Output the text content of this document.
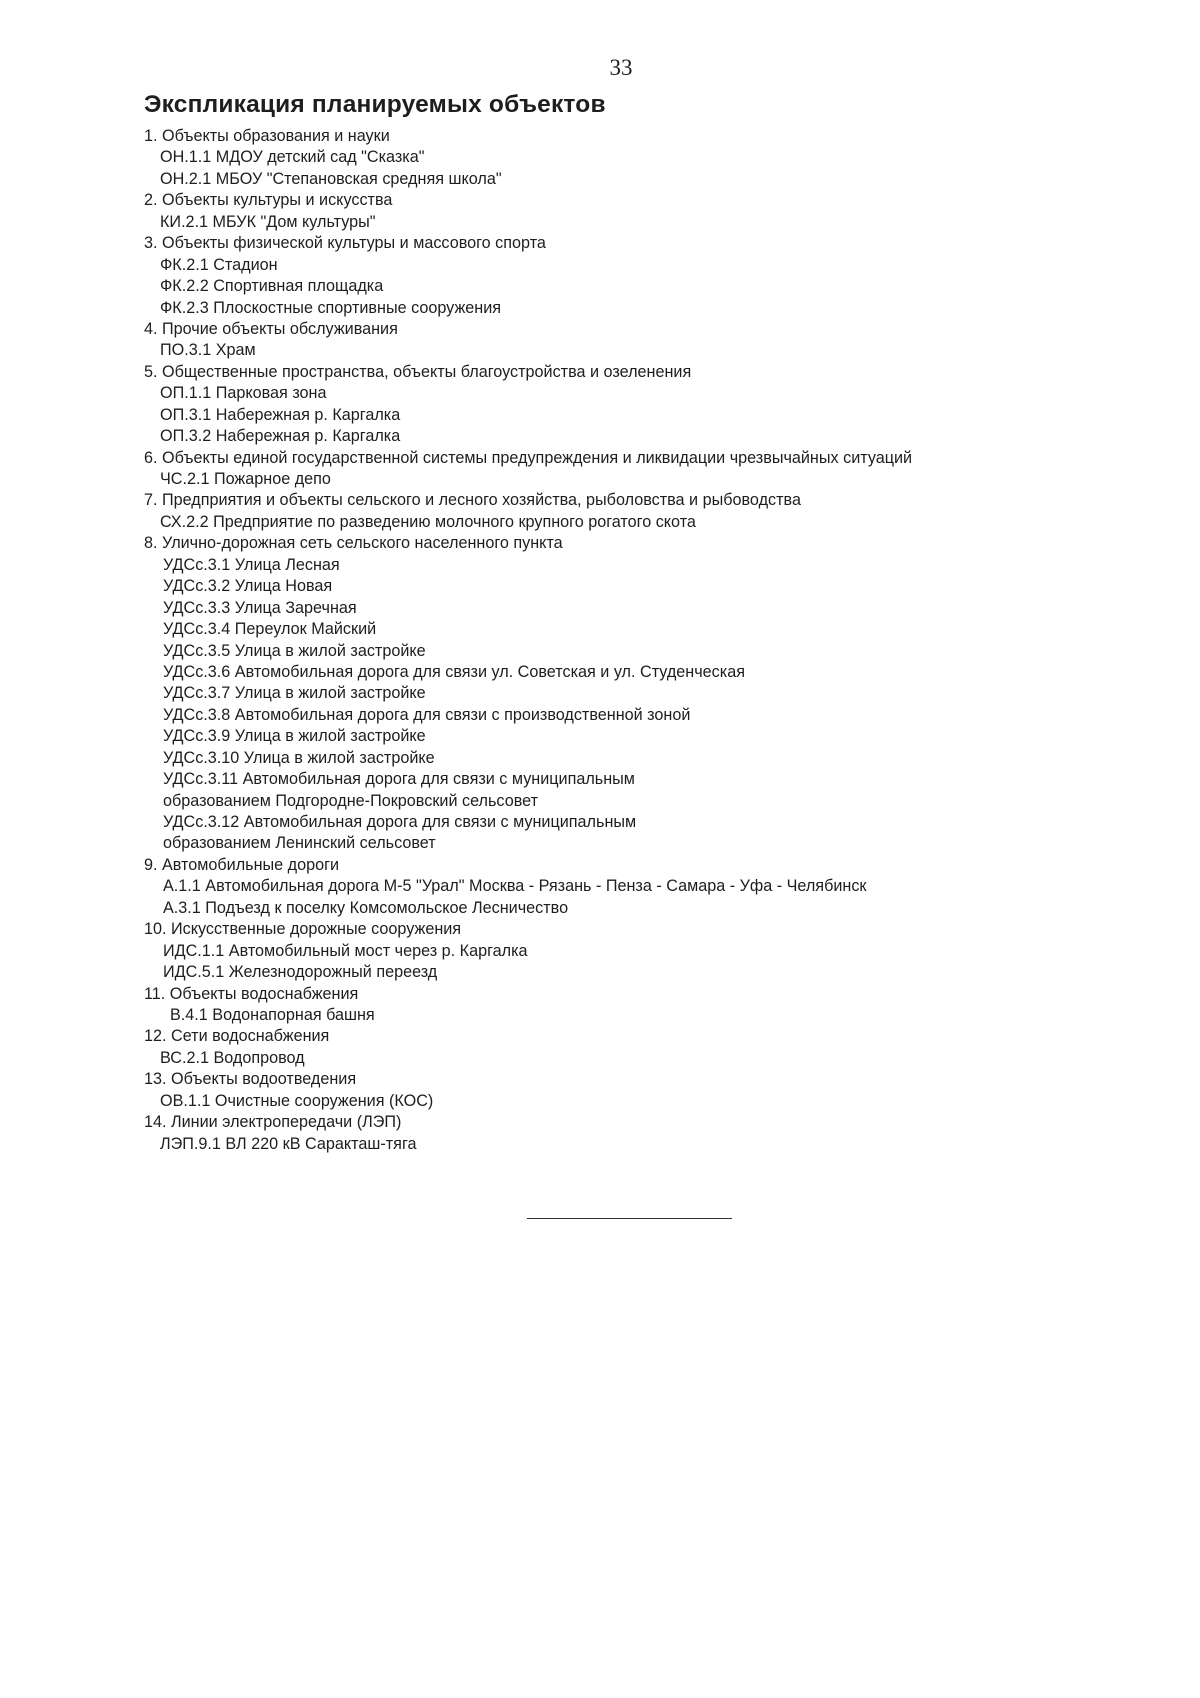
33
Экспликация планируемых объектов
1. Объекты образования и науки
ОН.1.1 МДОУ детский сад "Сказка"
ОН.2.1 МБОУ "Степановская средняя школа"
2. Объекты культуры и искусства
КИ.2.1 МБУК "Дом культуры"
3. Объекты физической культуры и массового спорта
ФК.2.1 Стадион
ФК.2.2 Спортивная площадка
ФК.2.3 Плоскостные спортивные сооружения
4. Прочие объекты обслуживания
ПО.3.1 Храм
5. Общественные пространства, объекты благоустройства и озеленения
ОП.1.1 Парковая зона
ОП.3.1 Набережная р. Каргалка
ОП.3.2 Набережная р. Каргалка
6. Объекты единой государственной системы предупреждения и ликвидации чрезвычайных ситуаций
ЧС.2.1 Пожарное депо
7. Предприятия и объекты сельского и лесного хозяйства, рыболовства и рыбоводства
СХ.2.2 Предприятие по разведению молочного крупного рогатого скота
8. Улично-дорожная сеть сельского населенного пункта
УДСс.3.1 Улица Лесная
УДСс.3.2 Улица Новая
УДСс.3.3 Улица Заречная
УДСс.3.4 Переулок Майский
УДСс.3.5 Улица в жилой застройке
УДСс.3.6 Автомобильная дорога для связи ул. Советская и ул. Студенческая
УДСс.3.7 Улица в жилой застройке
УДСс.3.8 Автомобильная дорога для связи с производственной зоной
УДСс.3.9 Улица в жилой застройке
УДСс.3.10 Улица в жилой застройке
УДСс.3.11 Автомобильная дорога для связи с муниципальным
образованием Подгородне-Покровский сельсовет
УДСс.3.12 Автомобильная дорога для связи с муниципальным
образованием Ленинский сельсовет
9. Автомобильные дороги
А.1.1 Автомобильная дорога М-5 "Урал" Москва - Рязань - Пенза - Самара - Уфа - Челябинск
А.3.1 Подъезд к поселку Комсомольское Лесничество
10. Искусственные дорожные сооружения
ИДС.1.1 Автомобильный мост через р. Каргалка
ИДС.5.1 Железнодорожный переезд
11. Объекты водоснабжения
В.4.1 Водонапорная башня
12. Сети водоснабжения
ВС.2.1 Водопровод
13. Объекты водоотведения
ОВ.1.1 Очистные сооружения (КОС)
14. Линии электропередачи (ЛЭП)
ЛЭП.9.1 ВЛ 220 кВ Саракташ-тяга
